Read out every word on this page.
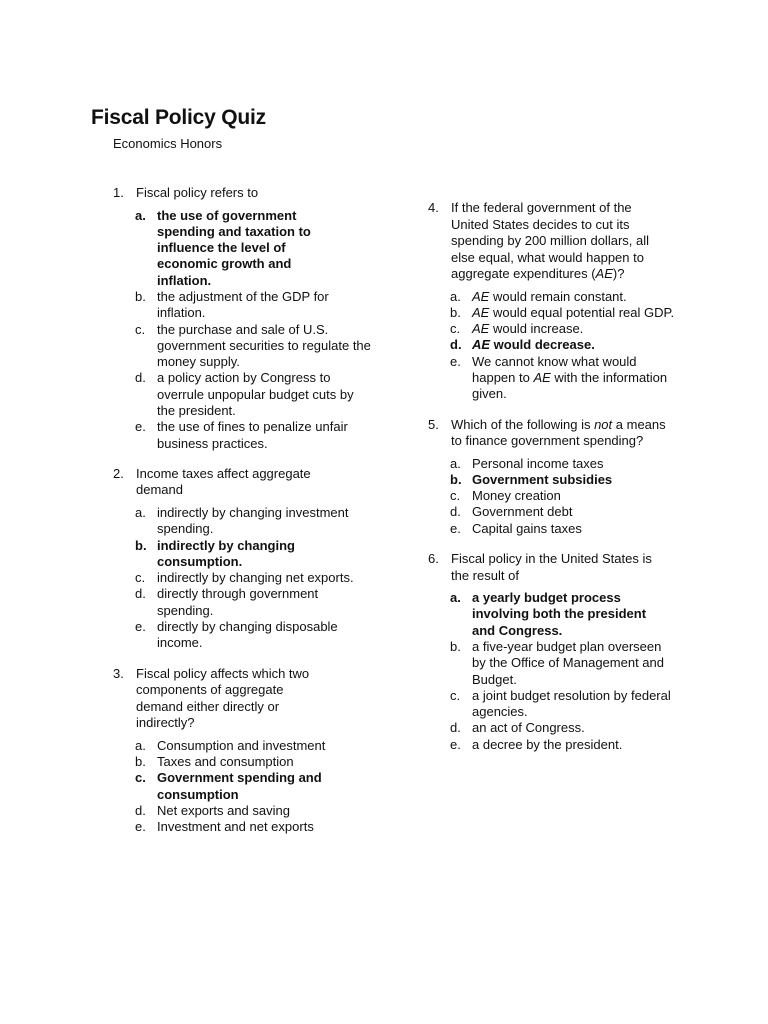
Fiscal Policy Quiz
Economics Honors
1. Fiscal policy refers to
a. the use of government spending and taxation to influence the level of economic growth and inflation.
b. the adjustment of the GDP for inflation.
c. the purchase and sale of U.S. government securities to regulate the money supply.
d. a policy action by Congress to overrule unpopular budget cuts by the president.
e. the use of fines to penalize unfair business practices.
2. Income taxes affect aggregate demand
a. indirectly by changing investment spending.
b. indirectly by changing consumption.
c. indirectly by changing net exports.
d. directly through government spending.
e. directly by changing disposable income.
3. Fiscal policy affects which two components of aggregate demand either directly or indirectly?
a. Consumption and investment
b. Taxes and consumption
c. Government spending and consumption
d. Net exports and saving
e. Investment and net exports
4. If the federal government of the United States decides to cut its spending by 200 million dollars, all else equal, what would happen to aggregate expenditures (AE)?
a. AE would remain constant.
b. AE would equal potential real GDP.
c. AE would increase.
d. AE would decrease.
e. We cannot know what would happen to AE with the information given.
5. Which of the following is not a means to finance government spending?
a. Personal income taxes
b. Government subsidies
c. Money creation
d. Government debt
e. Capital gains taxes
6. Fiscal policy in the United States is the result of
a. a yearly budget process involving both the president and Congress.
b. a five-year budget plan overseen by the Office of Management and Budget.
c. a joint budget resolution by federal agencies.
d. an act of Congress.
e. a decree by the president.
